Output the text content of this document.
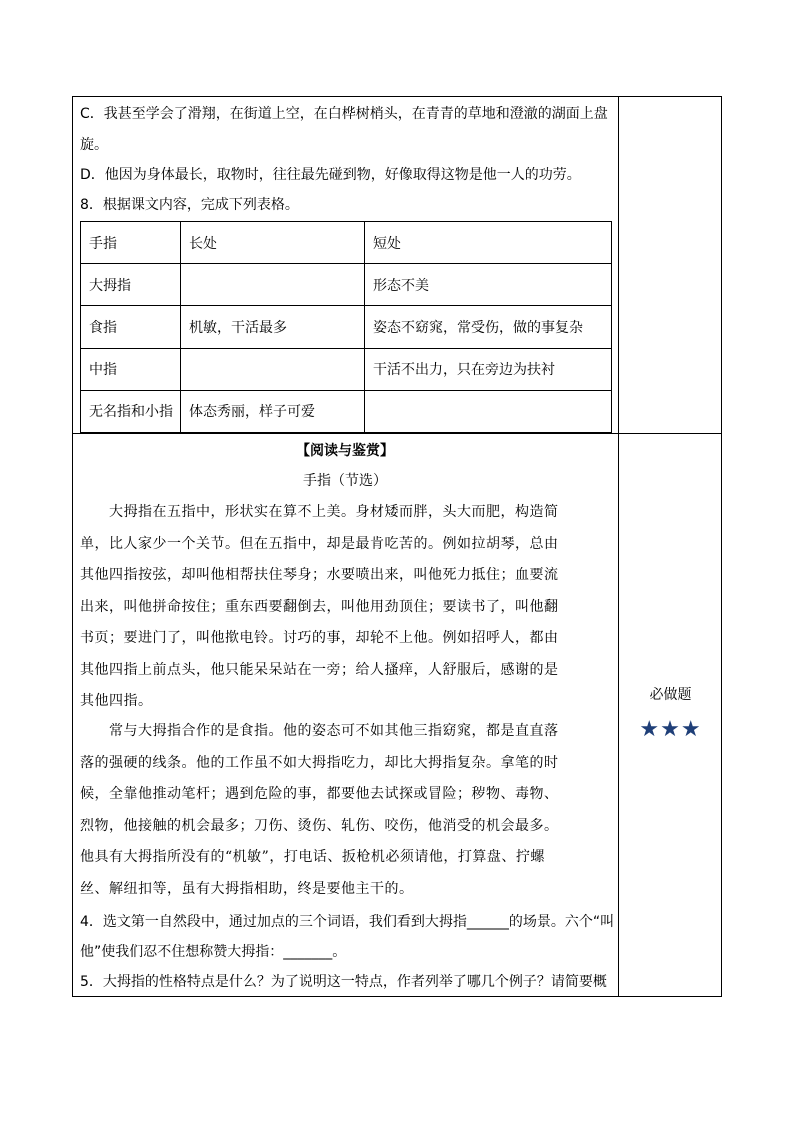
C．我甚至学会了滑翔，在街道上空，在白桦树梢头，在青青的草地和澄澈的湖面上盘
旋。
D．他因为身体最长，取物时，往往最先碰到物，好像取得这物是他一人的功劳。
8．根据课文内容，完成下列表格。
手指	长处	短处
大拇指		形态不美
食指	机敏，干活最多	姿态不窈窕，常受伤，做的事复杂
中指		干活不出力，只在旁边为扶衬
无名指和小指	体态秀丽，样子可爱	
【阅读与鉴赏】
手指（节选）
　　大拇指在五指中，形状实在算不上美。身材矮而胖，头大而肥，构造简
单，比人家少一个关节。但在五指中，却是最肯吃苦的。例如拉胡琴，总由
其他四指按弦，却叫他相帮扶住琴身；水要喷出来，叫他死力抵住；血要流
出来，叫他拼命按住；重东西要翻倒去，叫他用劲顶住；要读书了，叫他翻
书页；要进门了，叫他揿电铃。讨巧的事，却轮不上他。例如招呼人，都由
其他四指上前点头，他只能呆呆站在一旁；给人搔痒，人舒服后，感谢的是
其他四指。
　　常与大拇指合作的是食指。他的姿态可不如其他三指窈窕，都是直直落
落的强硬的线条。他的工作虽不如大拇指吃力，却比大拇指复杂。拿笔的时
候，全靠他推动笔杆；遇到危险的事，都要他去试探或冒险；秽物、毒物、
烈物，他接触的机会最多；刀伤、烫伤、轧伤、咬伤，他消受的机会最多。
他具有大拇指所没有的“机敏”，打电话、扳枪机必须请他，打算盘、拧螺
丝、解纽扣等，虽有大拇指相助，终是要他主干的。
4．选文第一自然段中，通过加点的三个词语，我们看到大拇指______的场景。六个“叫
他”使我们忍不住想称赞大拇指：_______。
5．大拇指的性格特点是什么？为了说明这一特点，作者列举了哪几个例子？请简要概
必做题
★★★
